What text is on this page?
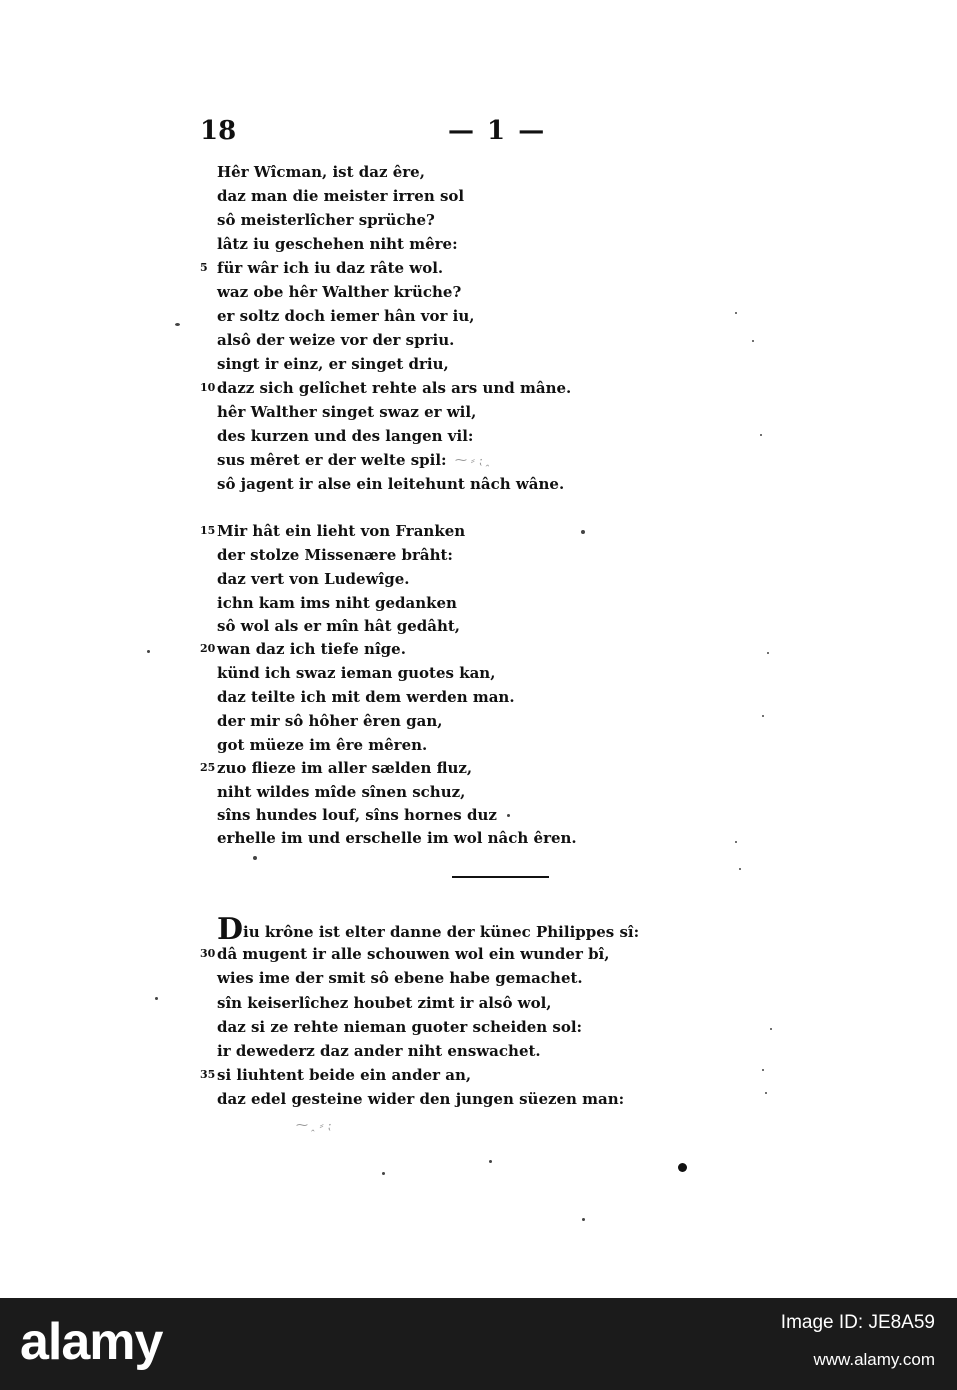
18	— 1 —
Hêr Wîcman, ist daz êre,
daz man die meister irren sol
sô meisterlîcher sprüche?
lâtz iu geschehen niht mêre:
5 für wâr ich iu daz râte wol.
waz obe hêr Walther krüche?
er soltz doch iemer hân vor iu,
alsô der weize vor der spriu.
singt ir einz, er singet driu,
10 dazz sich gelîchet rehte als ars und mâne.
hêr Walther singet swaz er wil,
des kurzen und des langen vil:
sus mêret er der welte spil:
sô jagent ir alse ein leitehunt nâch wâne.
15 Mir hât ein lieht von Franken
der stolze Missenære brâht:
daz vert von Ludewîge.
ichn kam ims niht gedanken
sô wol als er mîn hât gedâht,
20 wan daz ich tiefe nîge.
künd ich swaz ieman guotes kan,
daz teilte ich mit dem werden man.
der mir sô hôher êren gan,
got müeze im êre mêren.
25 zuo flieze im aller sælden fluz,
niht wildes mîde sînen schuz,
sîns hundes louf, sîns hornes duz
erhelle im und erschelle im wol nâch êren.
Diu krône ist elter danne der künec Philippes sî:
30 dâ mugent ir alle schouwen wol ein wunder bî,
wies ime der smit sô ebene habe gemachet.
sîn keiserlîchez houbet zimt ir alsô wol,
daz si ze rehte nieman guoter scheiden sol:
ir dewederz daz ander niht enswachet.
35 si liuhtent beide ein ander an,
daz edel gesteine wider den jungen süezen man:
⁓ ⸗ ⁏ ꞈ
⁓ ꞈ ⸗ ⁏
alamy	Image ID: JE8A59
www.alamy.com
